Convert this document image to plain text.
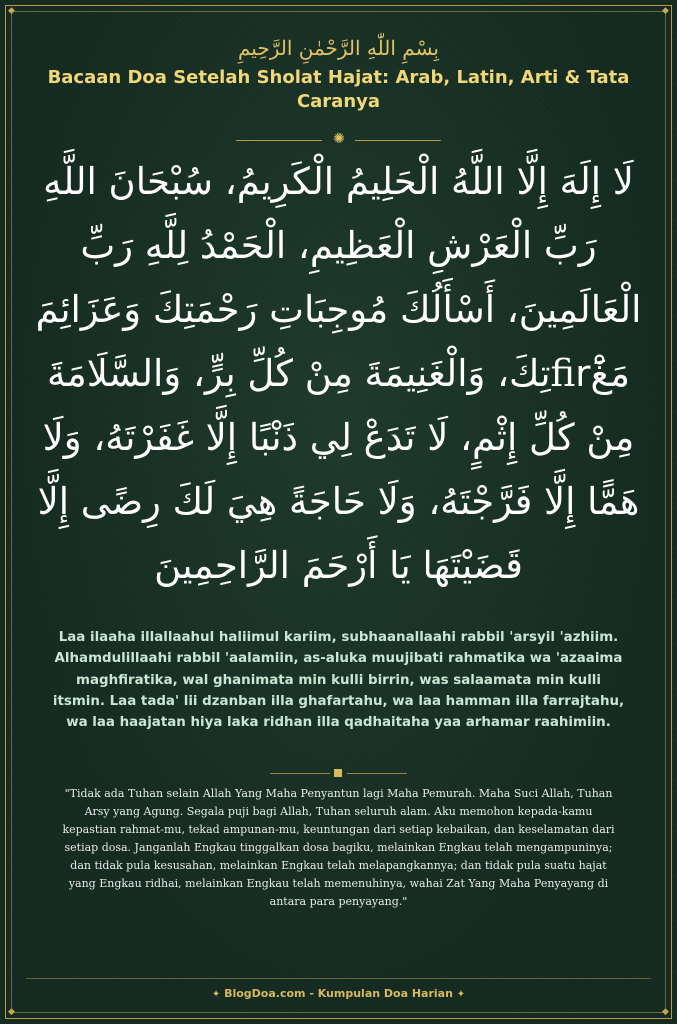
◆	◆
◆	◆
بِسْمِ اللّٰهِ الرَّحْمٰنِ الرَّحِيمِ
Bacaan Doa Setelah Sholat Hajat: Arab, Latin, Arti & Tata Caranya
✺
لَا إِلَهَ إِلَّا اللَّهُ الْحَلِيمُ الْكَرِيمُ، سُبْحَانَ اللَّهِ رَبِّ الْعَرْشِ الْعَظِيمِ، الْحَمْدُ لِلَّهِ رَبِّ الْعَالَمِينَ، أَسْأَلُكَ مُوجِبَاتِ رَحْمَتِكَ وَعَزَائِمَ مَغْfirَتِكَ، وَالْغَنِيمَةَ مِنْ كُلِّ بِرٍّ، وَالسَّلَامَةَ مِنْ كُلِّ إِثْمٍ، لَا تَدَعْ لِي ذَنْبًا إِلَّا غَفَرْتَهُ، وَلَا هَمًّا إِلَّا فَرَّجْتَهُ، وَلَا حَاجَةً هِيَ لَكَ رِضًى إِلَّا قَضَيْتَهَا يَا أَرْحَمَ الرَّاحِمِينَ
Laa ilaaha illallaahul haliimul kariim, subhaanallaahi rabbil 'arsyil 'azhiim. Alhamdulillaahi rabbil 'aalamiin, as-aluka muujibati rahmatika wa 'azaaima maghfiratika, wal ghanimata min kulli birrin, was salaamata min kulli itsmin. Laa tada' lii dzanban illa ghafartahu, wa laa hamman illa farrajtahu, wa laa haajatan hiya laka ridhan illa qadhaitaha yaa arhamar raahimiin.
"Tidak ada Tuhan selain Allah Yang Maha Penyantun lagi Maha Pemurah. Maha Suci Allah, Tuhan Arsy yang Agung. Segala puji bagi Allah, Tuhan seluruh alam. Aku memohon kepada-kamu kepastian rahmat-mu, tekad ampunan-mu, keuntungan dari setiap kebaikan, dan keselamatan dari setiap dosa. Janganlah Engkau tinggalkan dosa bagiku, melainkan Engkau telah mengampuninya; dan tidak pula kesusahan, melainkan Engkau telah melapangkannya; dan tidak pula suatu hajat yang Engkau ridhai, melainkan Engkau telah memenuhinya, wahai Zat Yang Maha Penyayang di antara para penyayang."
✦ BlogDoa.com - Kumpulan Doa Harian ✦
